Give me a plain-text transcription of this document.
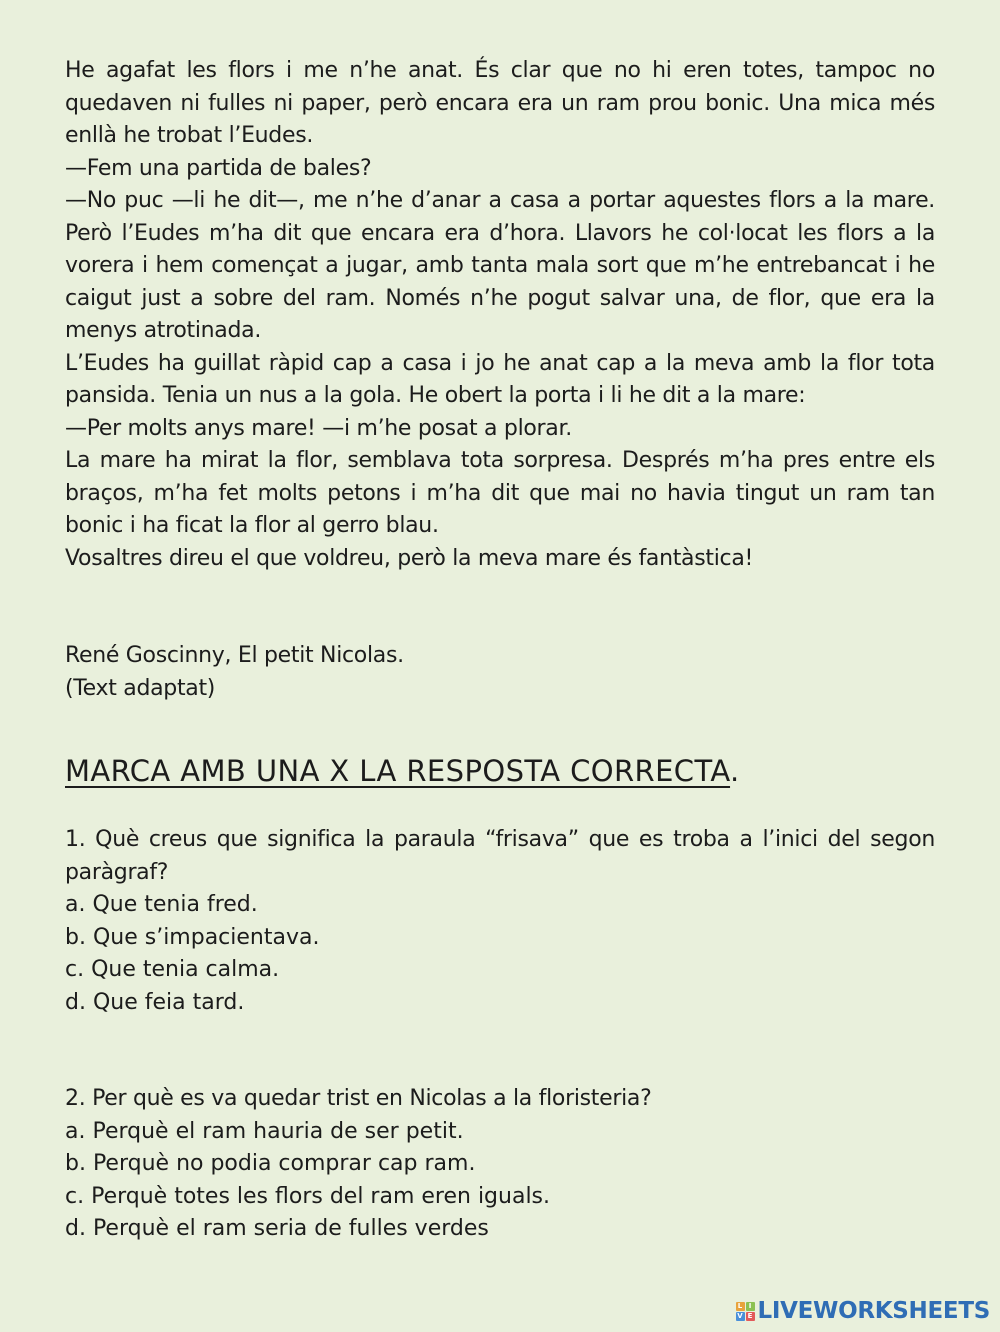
He agafat les flors i me n’he anat. És clar que no hi eren totes, tampoc no quedaven ni fulles ni paper, però encara era un ram prou bonic. Una mica més enllà he trobat l’Eudes.

—Fem una partida de bales?

—No puc —li he dit—, me n’he d’anar a casa a portar aquestes flors a la mare. Però l’Eudes m’ha dit que encara era d’hora. Llavors he col·locat les flors a la vorera i hem començat a jugar, amb tanta mala sort que m’he entrebancat i he caigut just a sobre del ram. Només n’he pogut salvar una, de flor, que era la menys atrotinada.

L’Eudes ha guillat ràpid cap a casa i jo he anat cap a la meva amb la flor tota pansida. Tenia un nus a la gola. He obert la porta i li he dit a la mare:

—Per molts anys mare! —i m’he posat a plorar.

La mare ha mirat la flor, semblava tota sorpresa. Després m’ha pres entre els braços, m’ha fet molts petons i m’ha dit que mai no havia tingut un ram tan bonic i ha ficat la flor al gerro blau.

Vosaltres direu el que voldreu, però la meva mare és fantàstica!

René Goscinny, El petit Nicolas.

(Text adaptat)

MARCA AMB UNA X LA RESPOSTA CORRECTA.

1. Què creus que significa la paraula “frisava” que es troba a l’inici del segon paràgraf?

a. Que tenia fred.

b. Que s’impacientava.

c. Que tenia calma.

d. Que feia tard.

2. Per què es va quedar trist en Nicolas a la floristeria?

a. Perquè el ram hauria de ser petit.

b. Perquè no podia comprar cap ram.

c. Perquè totes les flors del ram eren iguals.

d. Perquè el ram seria de fulles verdes

L I
V E LIVEWORKSHEETS
